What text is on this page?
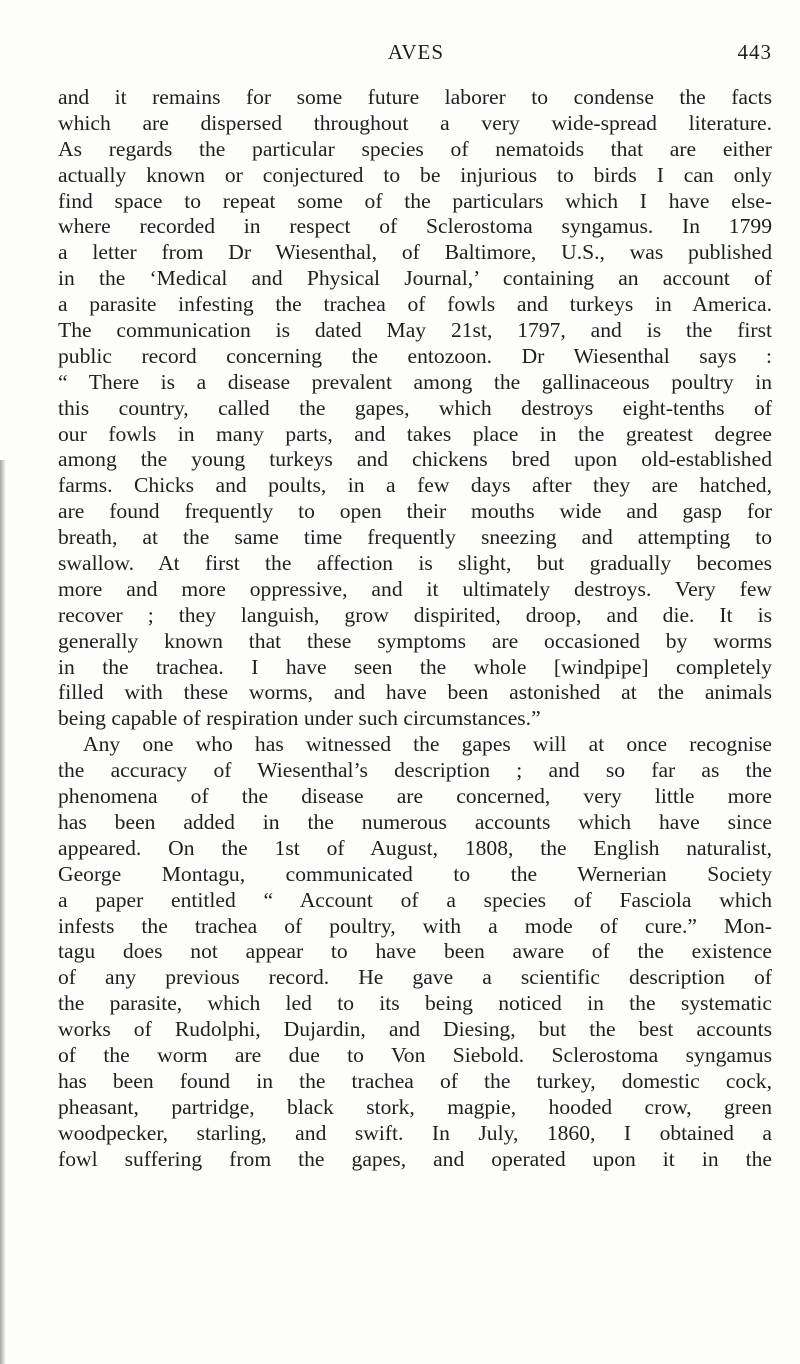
AVES	443
and it remains for some future laborer to condense the facts
which are dispersed throughout a very wide-spread literature.
As regards the particular species of nematoids that are either
actually known or conjectured to be injurious to birds I can only
find space to repeat some of the particulars which I have else-
where recorded in respect of Sclerostoma syngamus. In 1799
a letter from Dr Wiesenthal, of Baltimore, U.S., was published
in the ‘Medical and Physical Journal,’ containing an account of
a parasite infesting the trachea of fowls and turkeys in America.
The communication is dated May 21st, 1797, and is the first
public record concerning the entozoon. Dr Wiesenthal says :
“ There is a disease prevalent among the gallinaceous poultry in
this country, called the gapes, which destroys eight-tenths of
our fowls in many parts, and takes place in the greatest degree
among the young turkeys and chickens bred upon old-established
farms. Chicks and poults, in a few days after they are hatched,
are found frequently to open their mouths wide and gasp for
breath, at the same time frequently sneezing and attempting to
swallow. At first the affection is slight, but gradually becomes
more and more oppressive, and it ultimately destroys. Very few
recover ; they languish, grow dispirited, droop, and die. It is
generally known that these symptoms are occasioned by worms
in the trachea. I have seen the whole [windpipe] completely
filled with these worms, and have been astonished at the animals
being capable of respiration under such circumstances.”
Any one who has witnessed the gapes will at once recognise
the accuracy of Wiesenthal’s description ; and so far as the
phenomena of the disease are concerned, very little more
has been added in the numerous accounts which have since
appeared. On the 1st of August, 1808, the English naturalist,
George Montagu, communicated to the Wernerian Society
a paper entitled “ Account of a species of Fasciola which
infests the trachea of poultry, with a mode of cure.” Mon-
tagu does not appear to have been aware of the existence
of any previous record. He gave a scientific description of
the parasite, which led to its being noticed in the systematic
works of Rudolphi, Dujardin, and Diesing, but the best accounts
of the worm are due to Von Siebold. Sclerostoma syngamus
has been found in the trachea of the turkey, domestic cock,
pheasant, partridge, black stork, magpie, hooded crow, green
woodpecker, starling, and swift. In July, 1860, I obtained a
fowl suffering from the gapes, and operated upon it in the
